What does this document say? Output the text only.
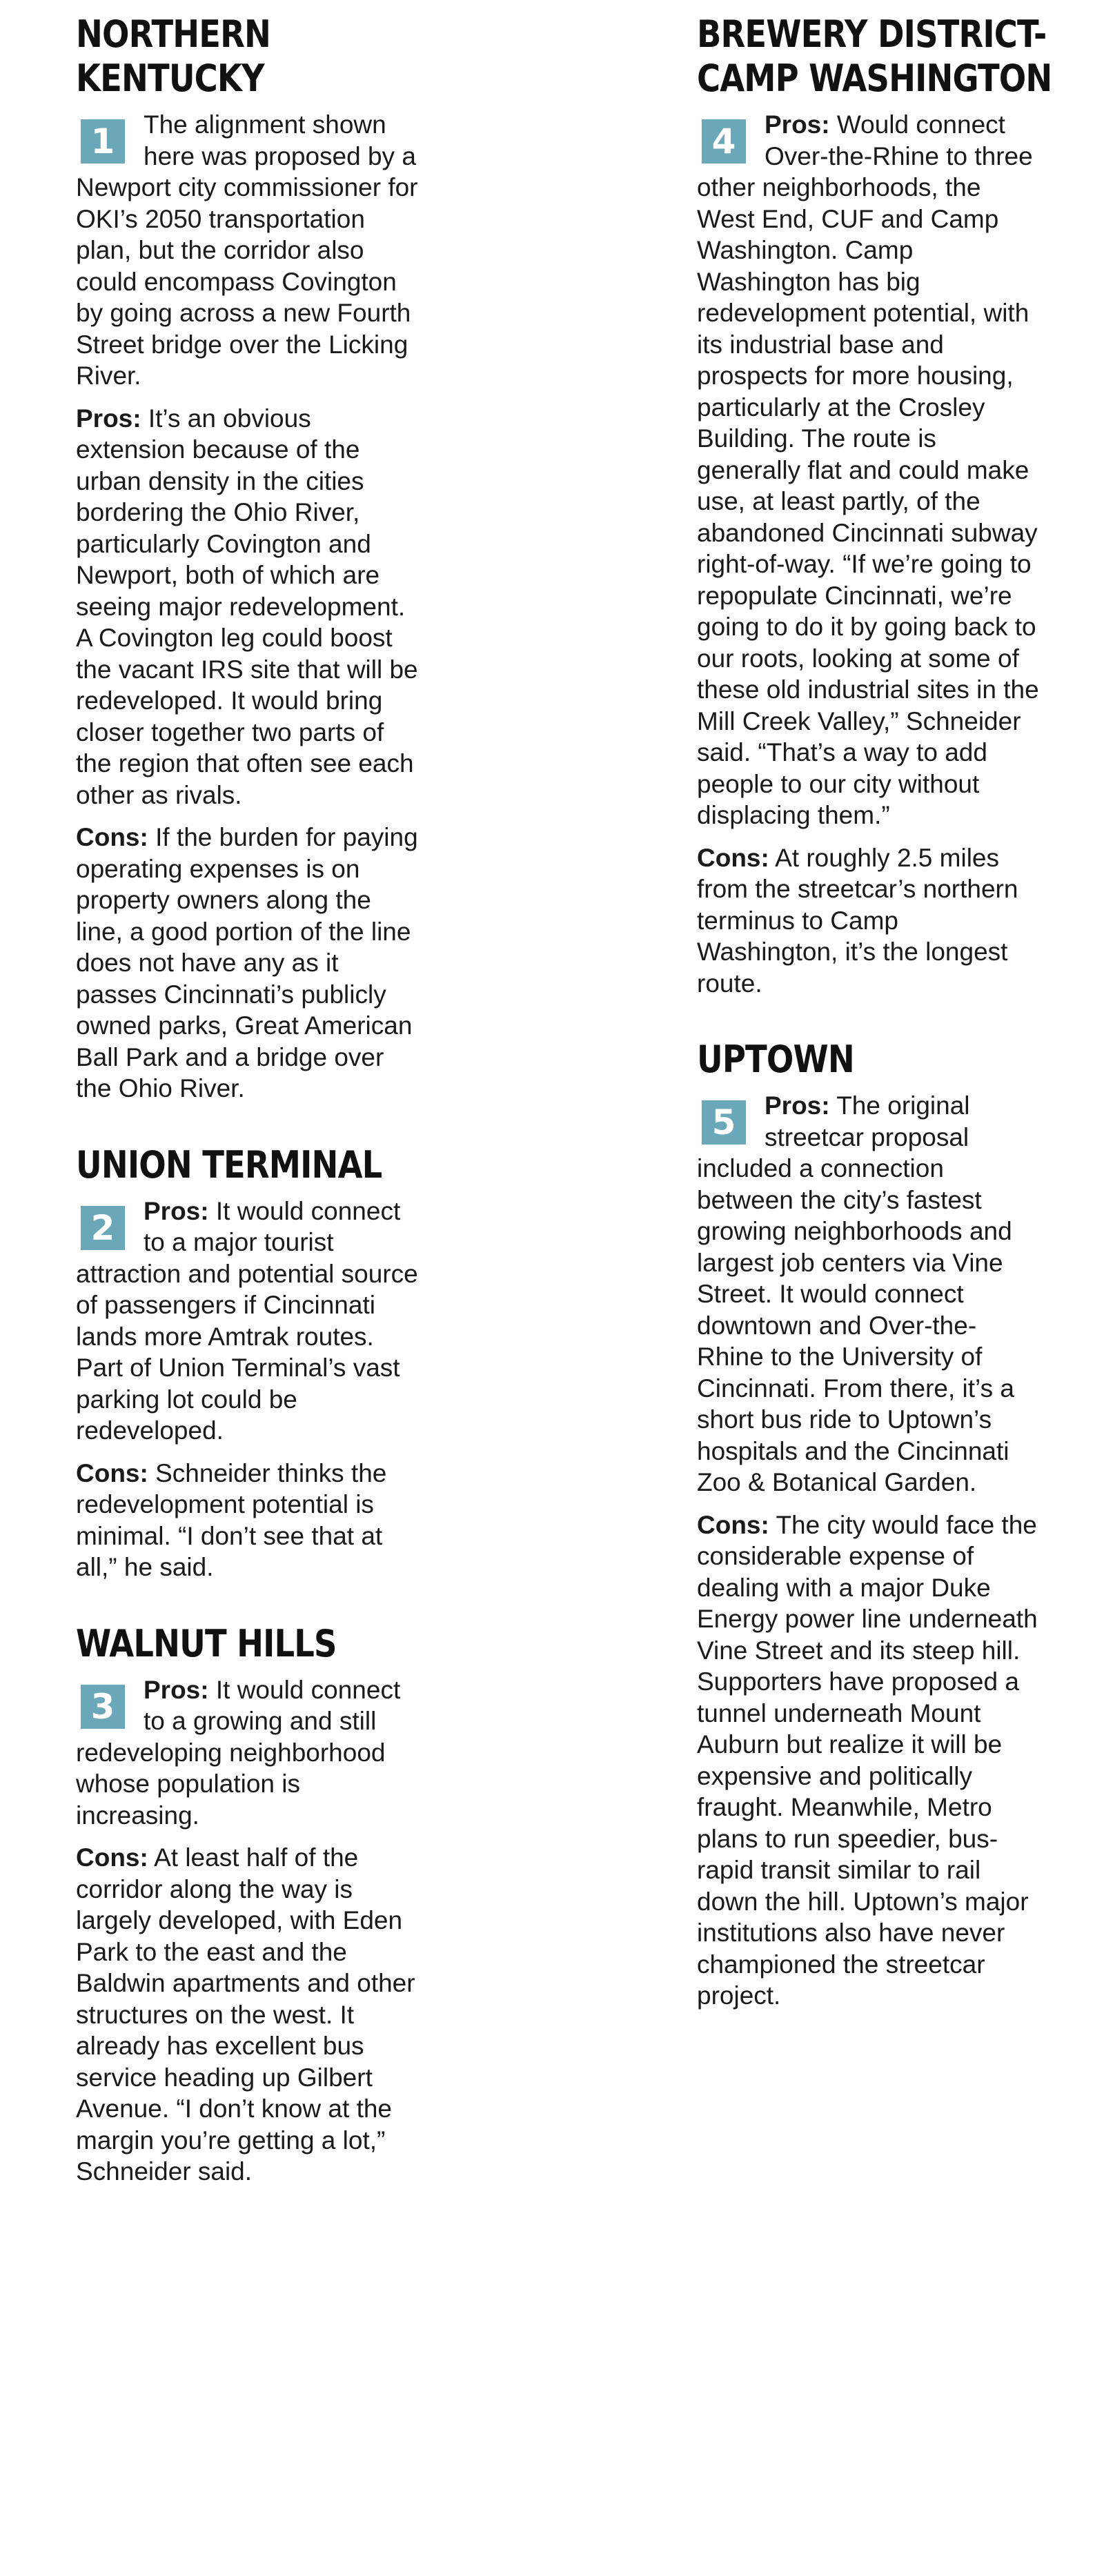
NORTHERN
KENTUCKY
1	The alignment shown here was proposed by a Newport city commissioner for OKI’s 2050 transportation plan, but the corridor also could encompass Covington by going across a new Fourth Street bridge over the Licking River.

Pros: It’s an obvious extension because of the urban density in the cities bordering the Ohio River, particularly Covington and Newport, both of which are seeing major redevelopment. A Covington leg could boost the vacant IRS site that will be redeveloped. It would bring closer together two parts of the region that often see each other as rivals.

Cons: If the burden for paying operating expenses is on property owners along the line, a good portion of the line does not have any as it passes Cincinnati’s publicly owned parks, Great American Ball Park and a bridge over the Ohio River.

UNION TERMINAL
2	Pros: It would connect to a major tourist attraction and potential source of passengers if Cincinnati lands more Amtrak routes. Part of Union Terminal’s vast parking lot could be redeveloped.

Cons: Schneider thinks the redevelopment potential is minimal. “I don’t see that at all,” he said.

WALNUT HILLS
3	Pros: It would connect to a growing and still redeveloping neighborhood whose population is increasing.

Cons: At least half of the corridor along the way is largely developed, with Eden Park to the east and the Baldwin apartments and other structures on the west. It already has excellent bus service heading up Gilbert Avenue. “I don’t know at the margin you’re getting a lot,” Schneider said.

BREWERY DISTRICT-
CAMP WASHINGTON
4	Pros: Would connect Over-the-Rhine to three other neighborhoods, the West End, CUF and Camp Washington. Camp Washington has big redevelopment potential, with its industrial base and prospects for more housing, particularly at the Crosley Building. The route is generally flat and could make use, at least partly, of the abandoned Cincinnati subway right-of-way. “If we’re going to repopulate Cincinnati, we’re going to do it by going back to our roots, looking at some of these old industrial sites in the Mill Creek Valley,” Schneider said. “That’s a way to add people to our city without displacing them.”

Cons: At roughly 2.5 miles from the streetcar’s northern terminus to Camp Washington, it’s the longest route.

UPTOWN
5	Pros: The original streetcar proposal included a connection between the city’s fastest growing neighborhoods and largest job centers via Vine Street. It would connect downtown and Over-the-Rhine to the University of Cincinnati. From there, it’s a short bus ride to Uptown’s hospitals and the Cincinnati Zoo & Botanical Garden.

Cons: The city would face the considerable expense of dealing with a major Duke Energy power line underneath Vine Street and its steep hill. Supporters have proposed a tunnel underneath Mount Auburn but realize it will be expensive and politically fraught. Meanwhile, Metro plans to run speedier, bus-rapid transit similar to rail down the hill. Uptown’s major institutions also have never championed the streetcar project.
